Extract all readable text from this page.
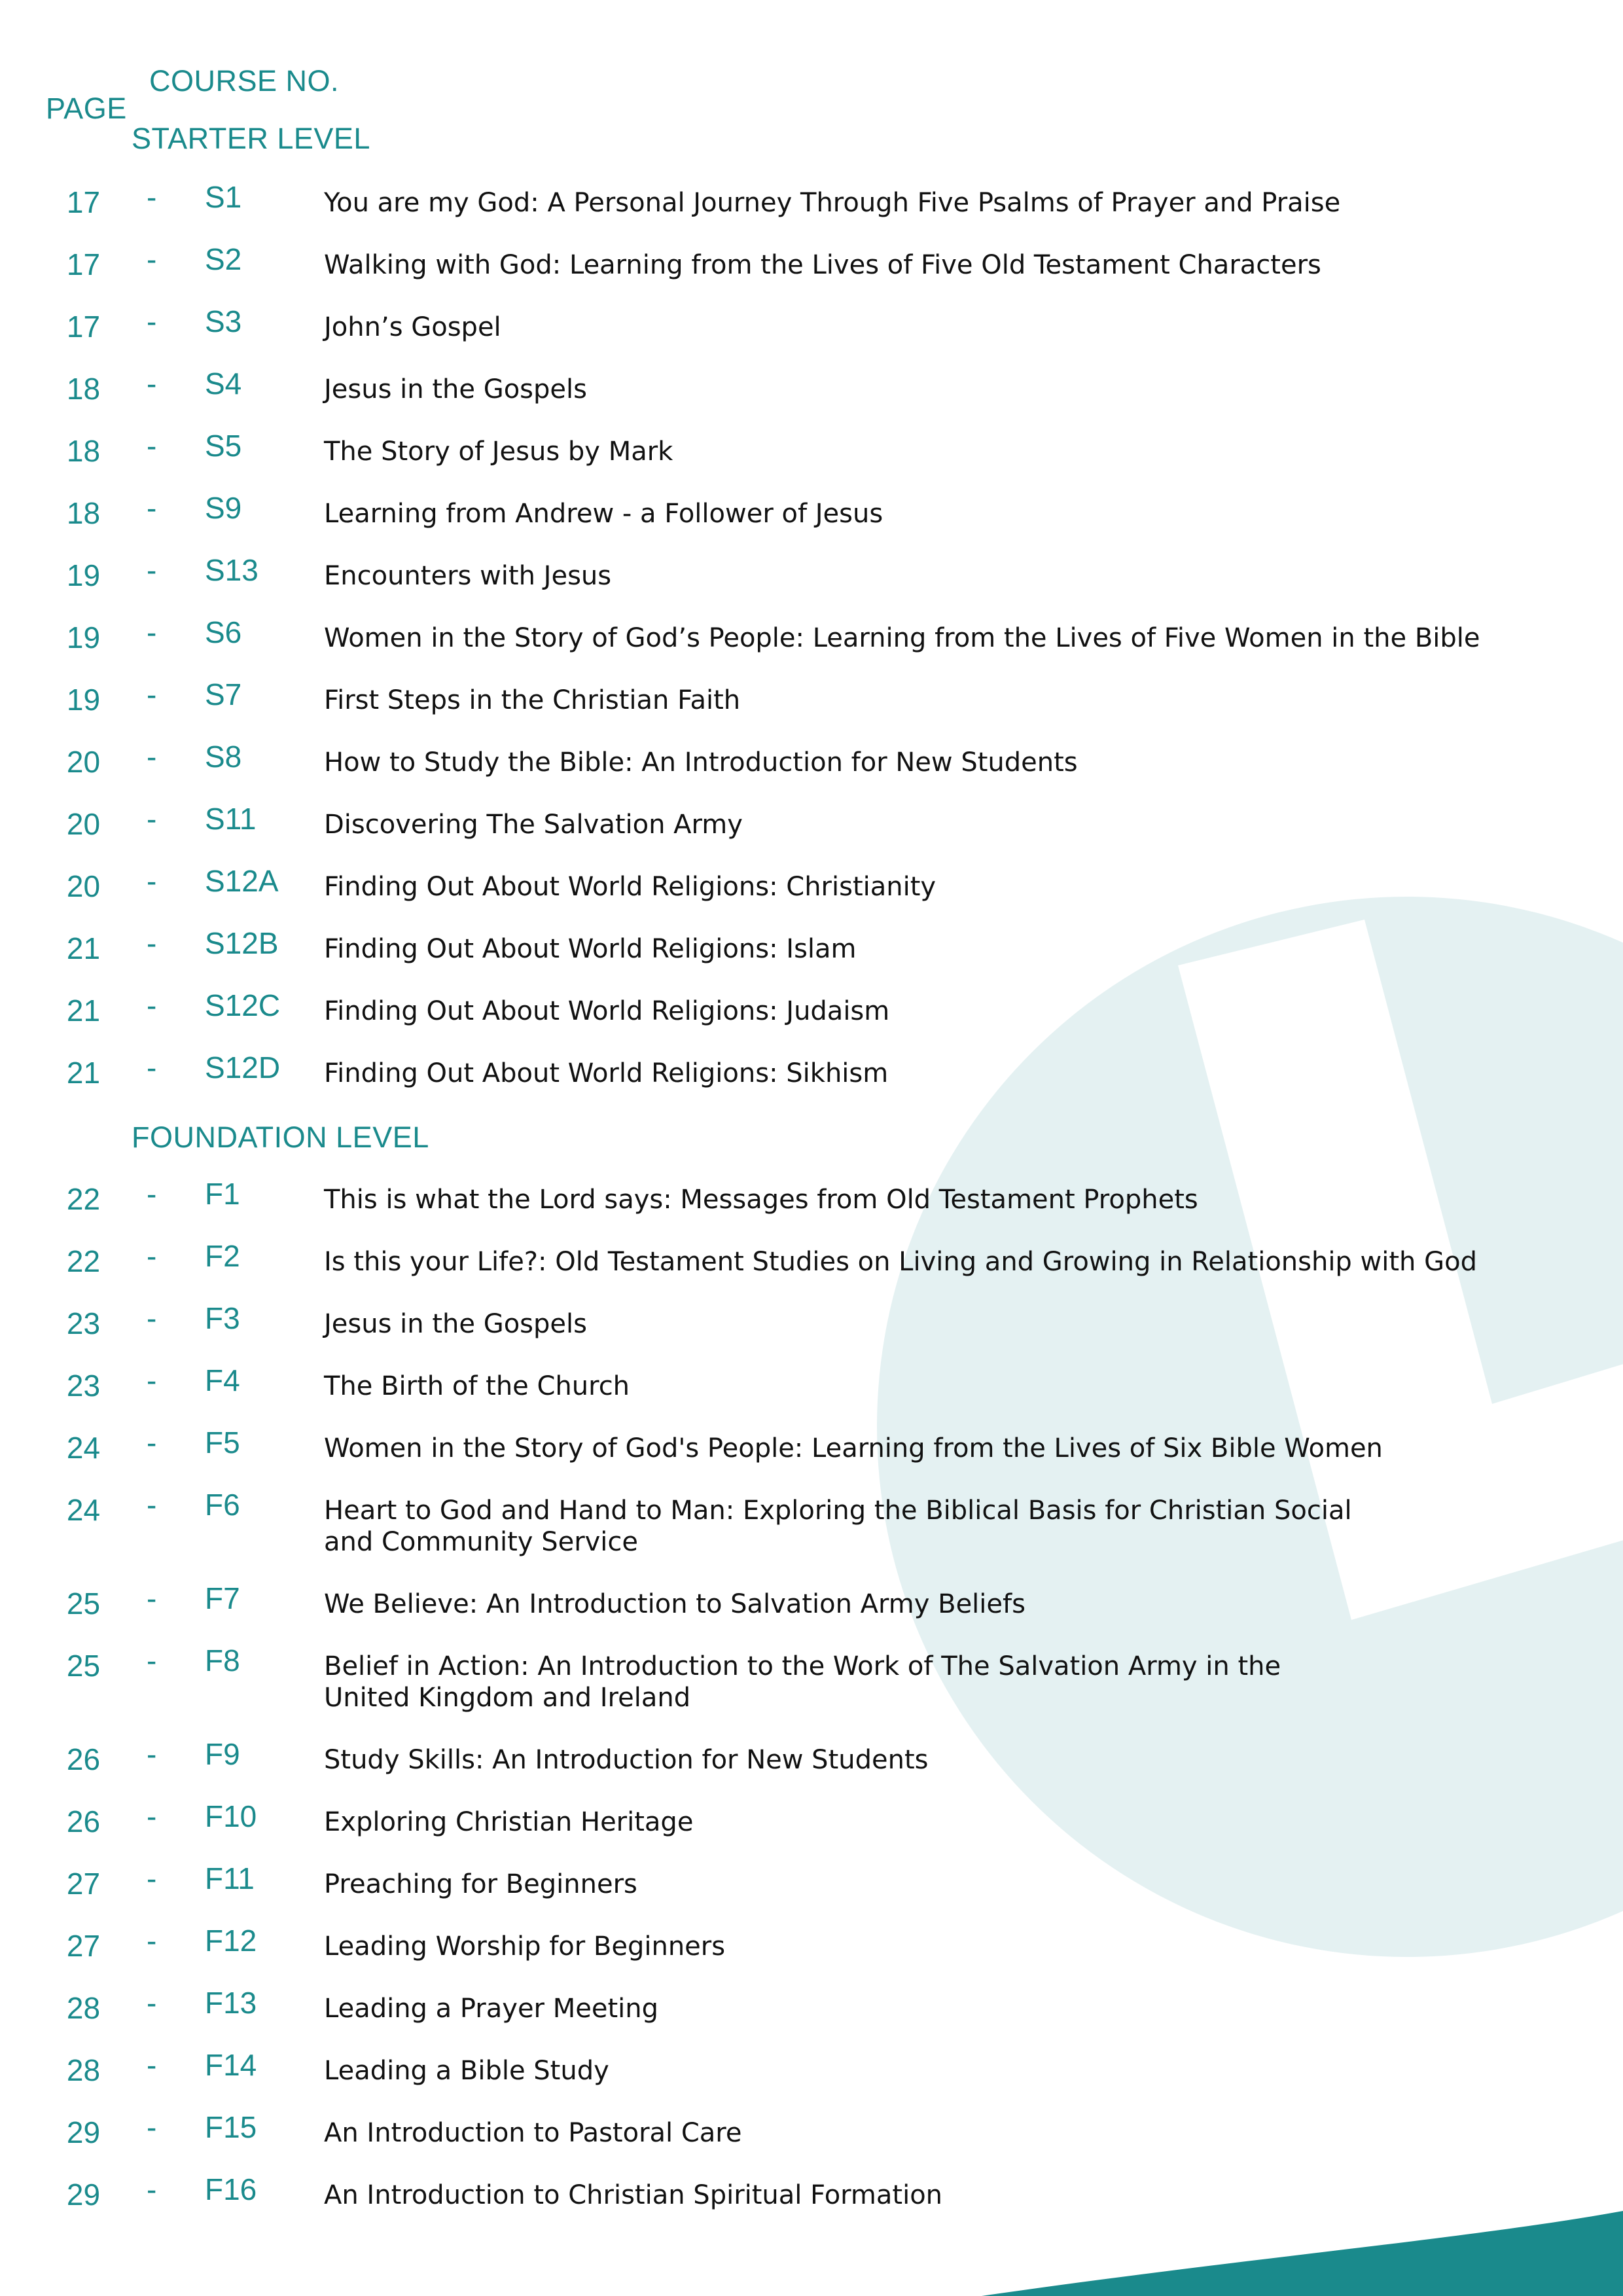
COURSE NO.
PAGE
STARTER LEVEL
17	- S1	You are my God: A Personal Journey Through Five Psalms of Prayer and Praise
17	- S2	Walking with God: Learning from the Lives of Five Old Testament Characters
17	- S3	John’s Gospel
18	- S4	Jesus in the Gospels
18	- S5	The Story of Jesus by Mark
18	- S9	Learning from Andrew - a Follower of Jesus
19	- S13	Encounters with Jesus
19	- S6	Women in the Story of God’s People: Learning from the Lives of Five Women in the Bible
19	- S7	First Steps in the Christian Faith
20	- S8	How to Study the Bible: An Introduction for New Students
20	- S11	Discovering The Salvation Army
20	- S12A Finding Out About World Religions: Christianity
21	- S12B Finding Out About World Religions: Islam
21	- S12C Finding Out About World Religions: Judaism
21	- S12D Finding Out About World Religions: Sikhism
FOUNDATION LEVEL
22	- F1	This is what the Lord says: Messages from Old Testament Prophets
22	- F2	Is this your Life?: Old Testament Studies on Living and Growing in Relationship with God
23	- F3	Jesus in the Gospels
23	- F4	The Birth of the Church
24	- F5	Women in the Story of God's People: Learning from the Lives of Six Bible Women
24	- F6	Heart to God and Hand to Man: Exploring the Biblical Basis for Christian Social
and Community Service
25	- F7	We Believe: An Introduction to Salvation Army Beliefs
25	- F8	Belief in Action: An Introduction to the Work of The Salvation Army in the
United Kingdom and Ireland
26	- F9	Study Skills: An Introduction for New Students
26	- F10	Exploring Christian Heritage
27	- F11	Preaching for Beginners
27	- F12	Leading Worship for Beginners
28	- F13	Leading a Prayer Meeting
28	- F14	Leading a Bible Study
29	- F15	An Introduction to Pastoral Care
29	- F16	An Introduction to Christian Spiritual Formation
